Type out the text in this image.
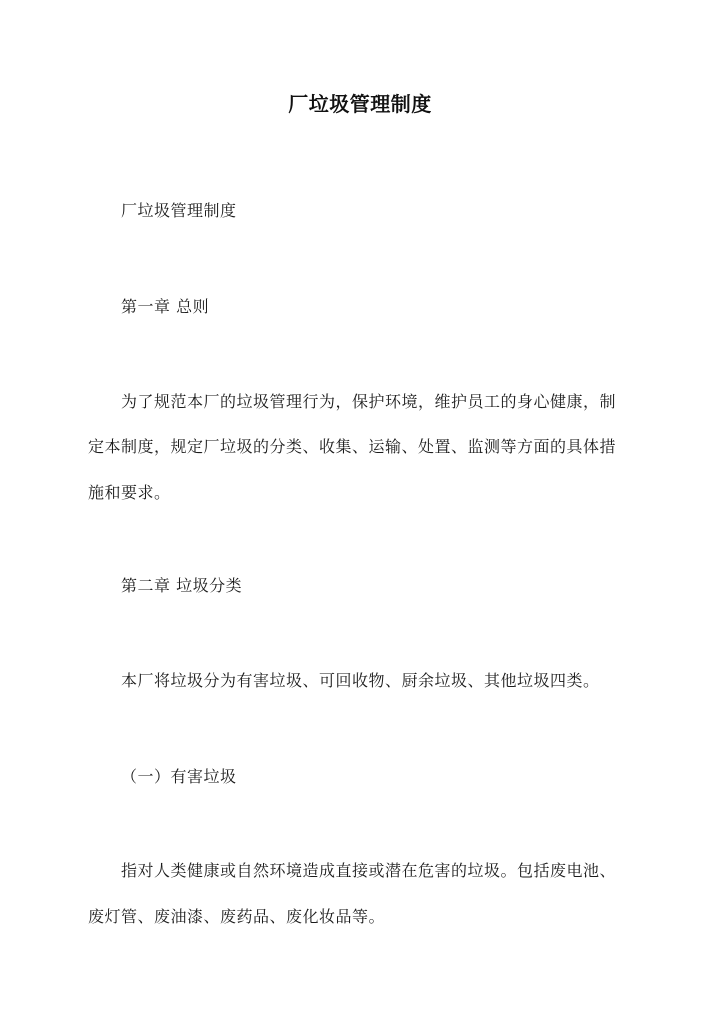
厂垃圾管理制度
厂垃圾管理制度
第一章 总则
为了规范本厂的垃圾管理行为，保护环境，维护员工的身心健康，制
定本制度，规定厂垃圾的分类、收集、运输、处置、监测等方面的具体措
施和要求。
第二章 垃圾分类
本厂将垃圾分为有害垃圾、可回收物、厨余垃圾、其他垃圾四类。
（一）有害垃圾
指对人类健康或自然环境造成直接或潜在危害的垃圾。包括废电池、
废灯管、废油漆、废药品、废化妆品等。
